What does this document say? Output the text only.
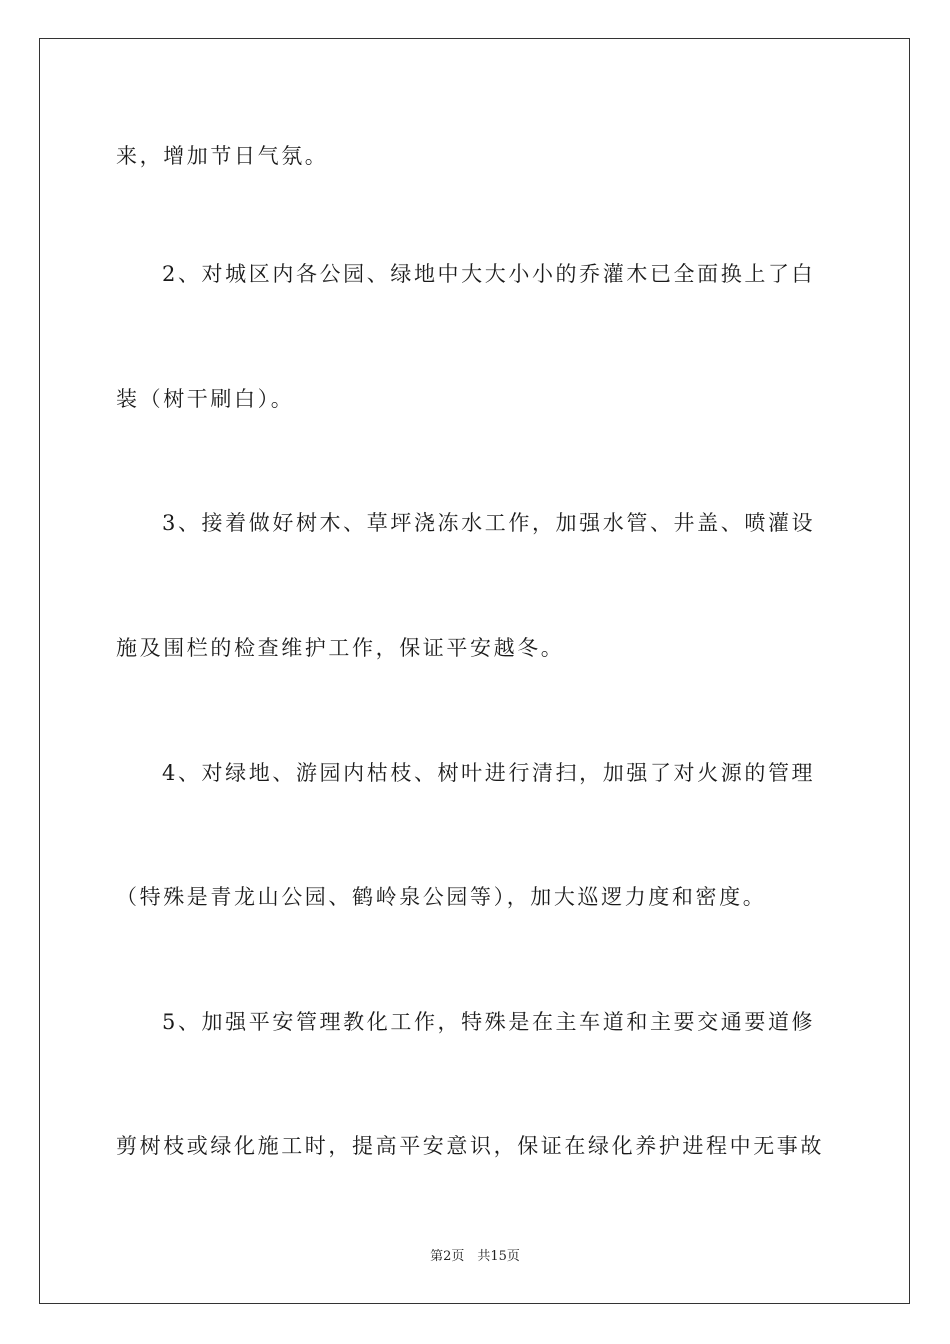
来，增加节日气氛。
2、对城区内各公园、绿地中大大小小的乔灌木已全面换上了白
装（树干刷白）。
3、接着做好树木、草坪浇冻水工作，加强水管、井盖、喷灌设
施及围栏的检查维护工作，保证平安越冬。
4、对绿地、游园内枯枝、树叶进行清扫，加强了对火源的管理
（特殊是青龙山公园、鹤岭泉公园等），加大巡逻力度和密度。
5、加强平安管理教化工作，特殊是在主车道和主要交通要道修
剪树枝或绿化施工时，提高平安意识，保证在绿化养护进程中无事故
第2页　共15页
